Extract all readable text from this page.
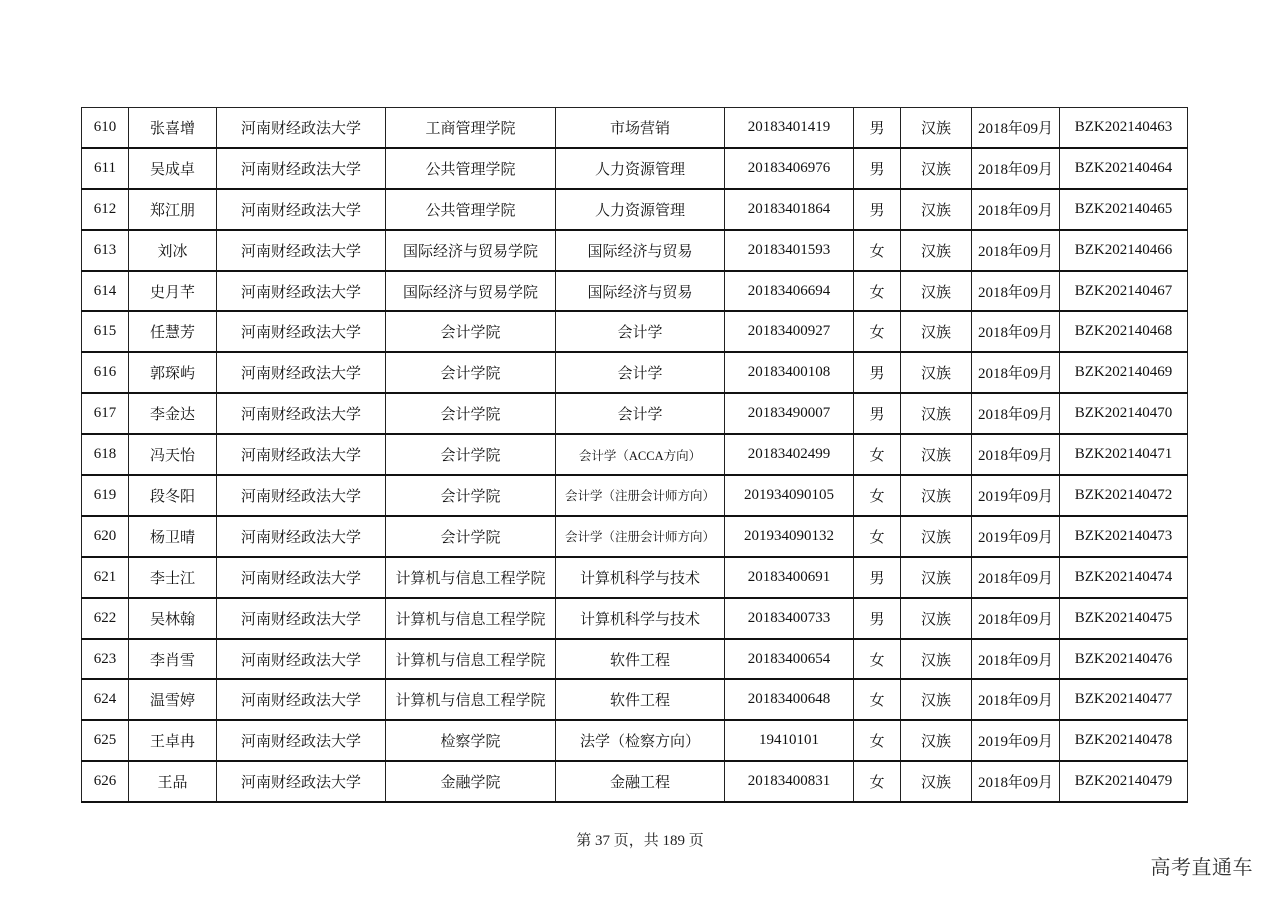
610	张喜增	河南财经政法大学	工商管理学院	市场营销	20183401419	男	汉族	2018年09月	BZK202140463
611	吴成卓	河南财经政法大学	公共管理学院	人力资源管理	20183406976	男	汉族	2018年09月	BZK202140464
612	郑江朋	河南财经政法大学	公共管理学院	人力资源管理	20183401864	男	汉族	2018年09月	BZK202140465
613	刘冰	河南财经政法大学	国际经济与贸易学院	国际经济与贸易	20183401593	女	汉族	2018年09月	BZK202140466
614	史月芊	河南财经政法大学	国际经济与贸易学院	国际经济与贸易	20183406694	女	汉族	2018年09月	BZK202140467
615	任慧芳	河南财经政法大学	会计学院	会计学	20183400927	女	汉族	2018年09月	BZK202140468
616	郭琛屿	河南财经政法大学	会计学院	会计学	20183400108	男	汉族	2018年09月	BZK202140469
617	李金达	河南财经政法大学	会计学院	会计学	20183490007	男	汉族	2018年09月	BZK202140470
618	冯天怡	河南财经政法大学	会计学院	会计学（ACCA方向）	20183402499	女	汉族	2018年09月	BZK202140471
619	段冬阳	河南财经政法大学	会计学院	会计学（注册会计师方向）	201934090105	女	汉族	2019年09月	BZK202140472
620	杨卫晴	河南财经政法大学	会计学院	会计学（注册会计师方向）	201934090132	女	汉族	2019年09月	BZK202140473
621	李士江	河南财经政法大学	计算机与信息工程学院	计算机科学与技术	20183400691	男	汉族	2018年09月	BZK202140474
622	吴林翰	河南财经政法大学	计算机与信息工程学院	计算机科学与技术	20183400733	男	汉族	2018年09月	BZK202140475
623	李肖雪	河南财经政法大学	计算机与信息工程学院	软件工程	20183400654	女	汉族	2018年09月	BZK202140476
624	温雪婷	河南财经政法大学	计算机与信息工程学院	软件工程	20183400648	女	汉族	2018年09月	BZK202140477
625	王卓冉	河南财经政法大学	检察学院	法学（检察方向）	19410101	女	汉族	2019年09月	BZK202140478
626	王品	河南财经政法大学	金融学院	金融工程	20183400831	女	汉族	2018年09月	BZK202140479
第 37 页，共 189 页
高考直通车
